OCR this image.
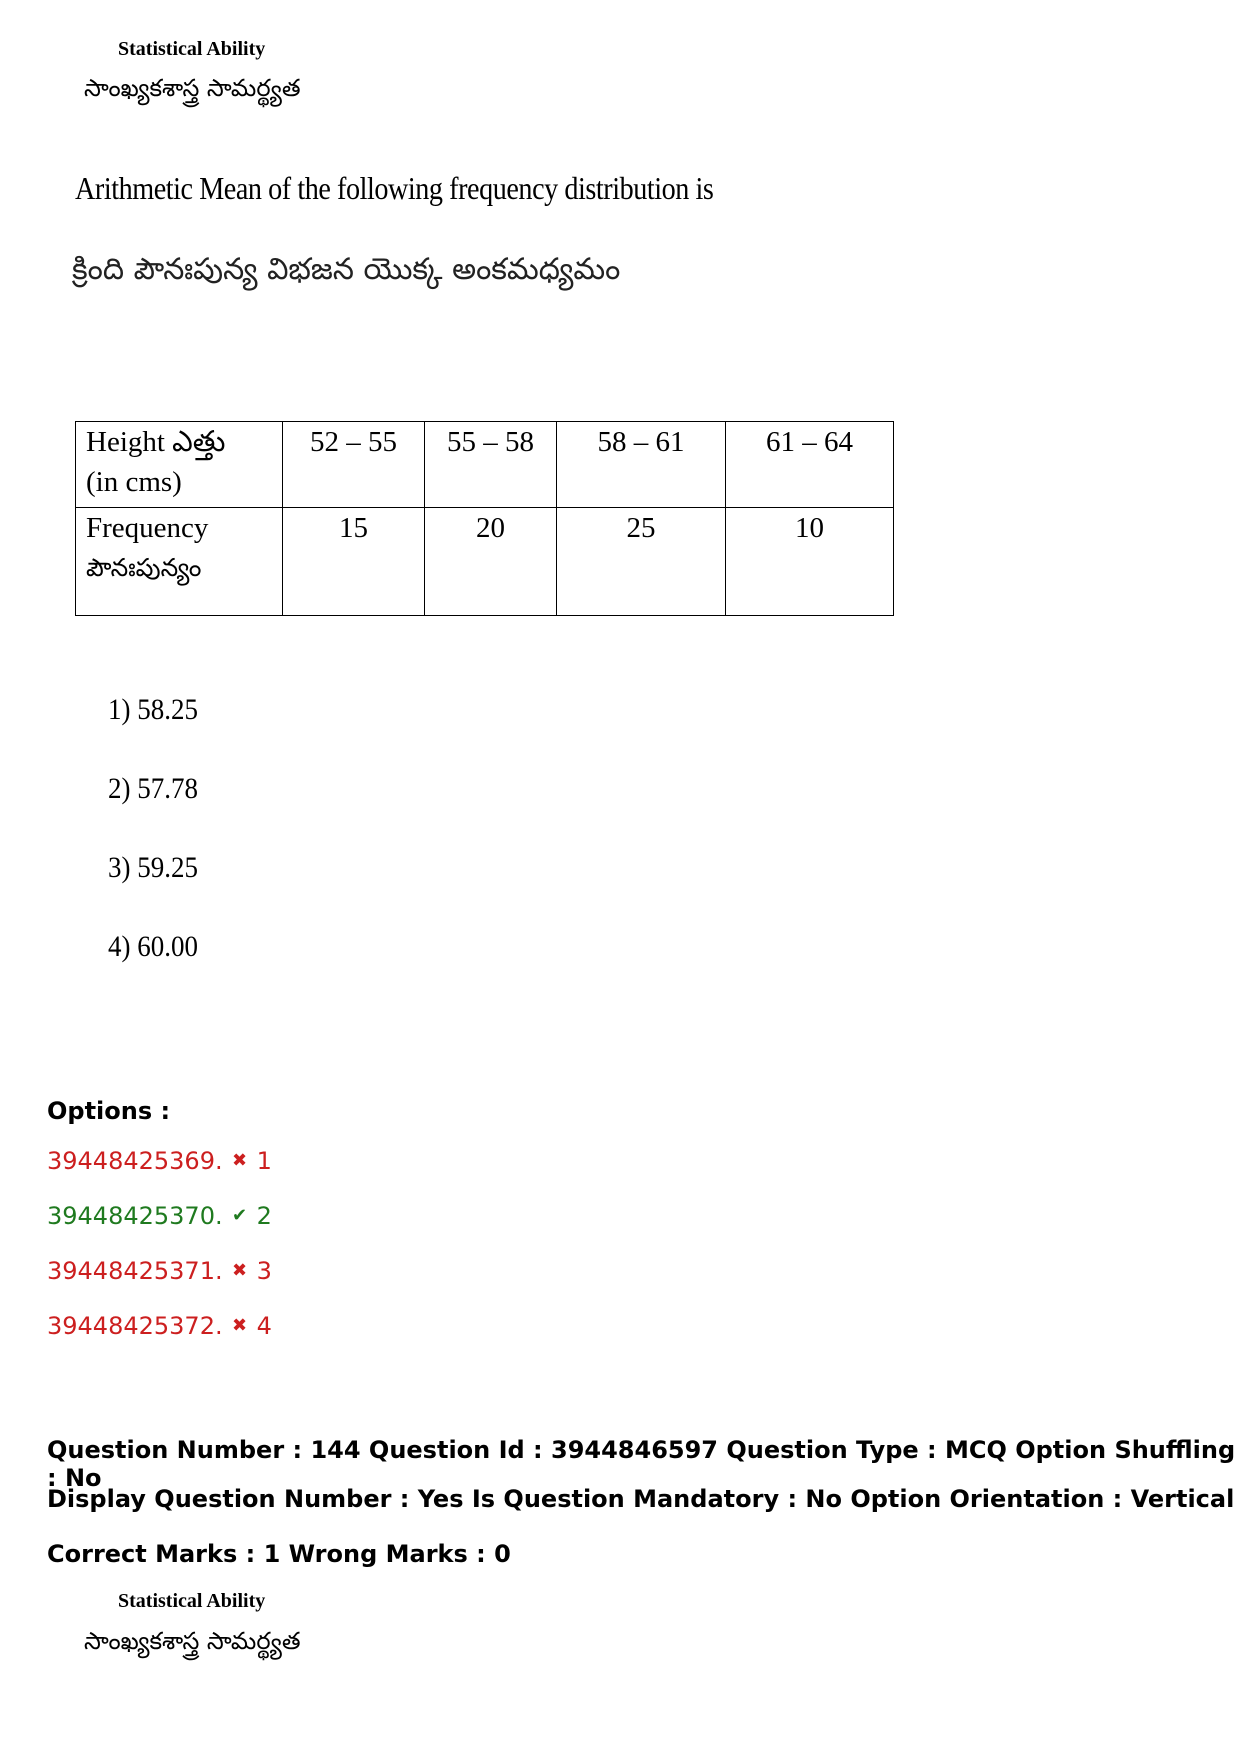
Statistical Ability
సాంఖ్యకశాస్త్ర సామర్థ్యత
Arithmetic Mean of the following frequency distribution is
క్రింది పౌనఃపున్య విభజన యొక్క అంకమధ్యమం
Height ఎత్తు
(in cms)	52 – 55	55 – 58	58 – 61	61 – 64

Frequency
పౌనఃపున్యం	15	20	25	10
1) 58.25
2) 57.78
3) 59.25
4) 60.00
Options :
39448425369. ✖ 1
39448425370. ✔ 2
39448425371. ✖ 3
39448425372. ✖ 4
Question Number : 144 Question Id : 3944846597 Question Type : MCQ Option Shuffling : No
Display Question Number : Yes Is Question Mandatory : No Option Orientation : Vertical
Correct Marks : 1 Wrong Marks : 0
Statistical Ability
సాంఖ్యకశాస్త్ర సామర్థ్యత
